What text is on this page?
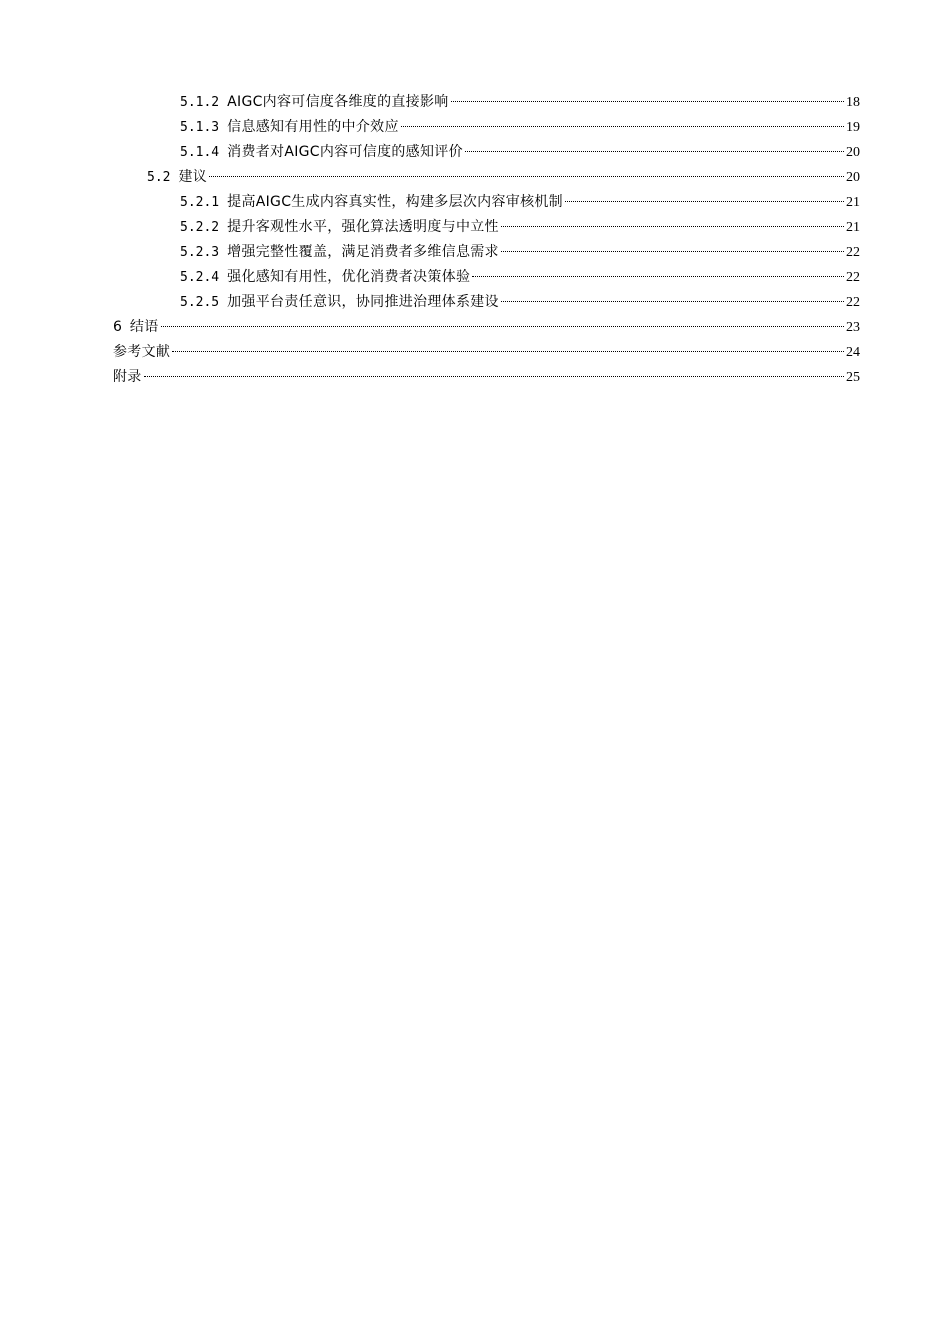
5.1.2 AIGC内容可信度各维度的直接影响	18
5.1.3 信息感知有用性的中介效应	19
5.1.4 消费者对AIGC内容可信度的感知评价	20
5.2 建议	20
5.2.1 提高AIGC生成内容真实性，构建多层次内容审核机制	21
5.2.2 提升客观性水平，强化算法透明度与中立性	21
5.2.3 增强完整性覆盖，满足消费者多维信息需求	22
5.2.4 强化感知有用性，优化消费者决策体验	22
5.2.5 加强平台责任意识，协同推进治理体系建设	22
6 结语	23
参考文献	24
附录	25
